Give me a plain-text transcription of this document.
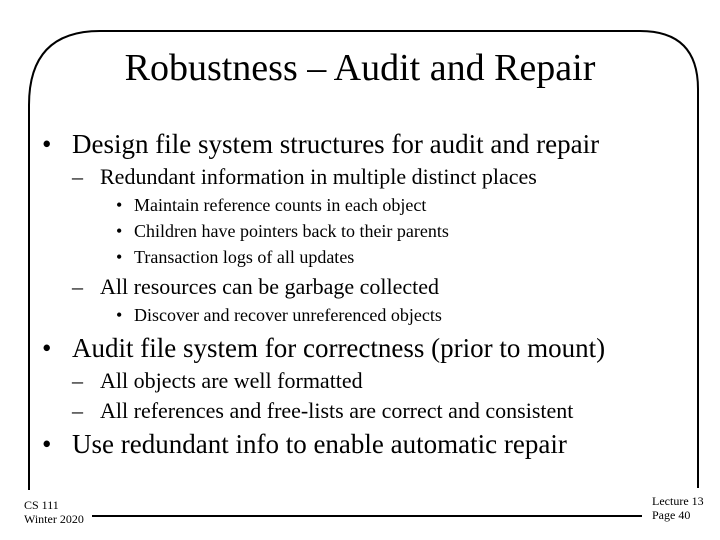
Robustness – Audit and Repair
• Design file system structures for audit and repair
– Redundant information in multiple distinct places
• Maintain reference counts in each object
• Children have pointers back to their parents
• Transaction logs of all updates
– All resources can be garbage collected
• Discover and recover unreferenced objects
• Audit file system for correctness (prior to mount)
– All objects are well formatted
– All references and free-lists are correct and consistent
• Use redundant info to enable automatic repair
CS 111
Winter 2020
Lecture 13
Page 40
